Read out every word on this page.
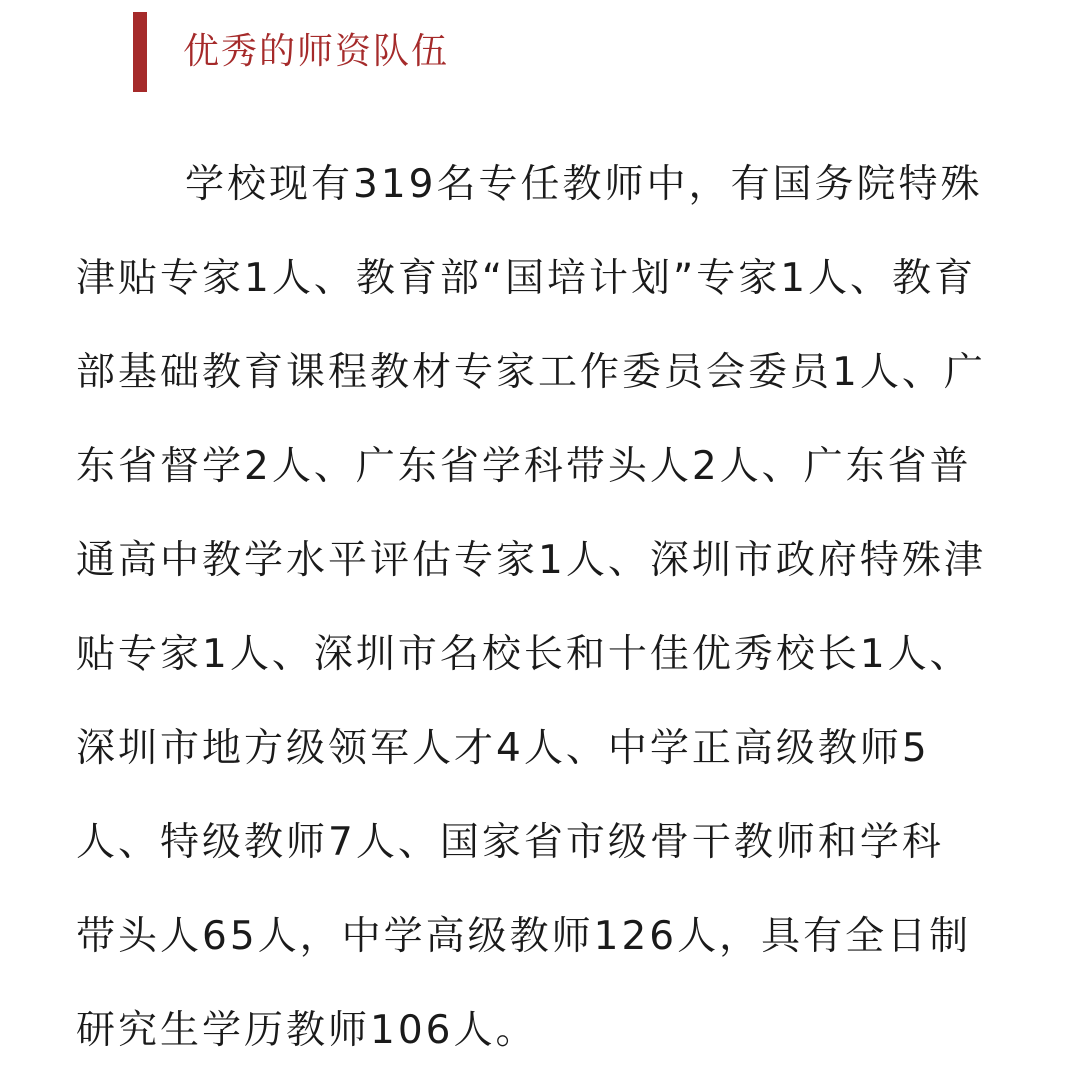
优秀的师资队伍

学校现有319名专任教师中，有国务院特殊
津贴专家1人、教育部“国培计划”专家1人、教育
部基础教育课程教材专家工作委员会委员1人、广
东省督学2人、广东省学科带头人2人、广东省普
通高中教学水平评估专家1人、深圳市政府特殊津
贴专家1人、深圳市名校长和十佳优秀校长1人、
深圳市地方级领军人才4人、中学正高级教师5
人、特级教师7人、国家省市级骨干教师和学科
带头人65人，中学高级教师126人，具有全日制
研究生学历教师106人。
